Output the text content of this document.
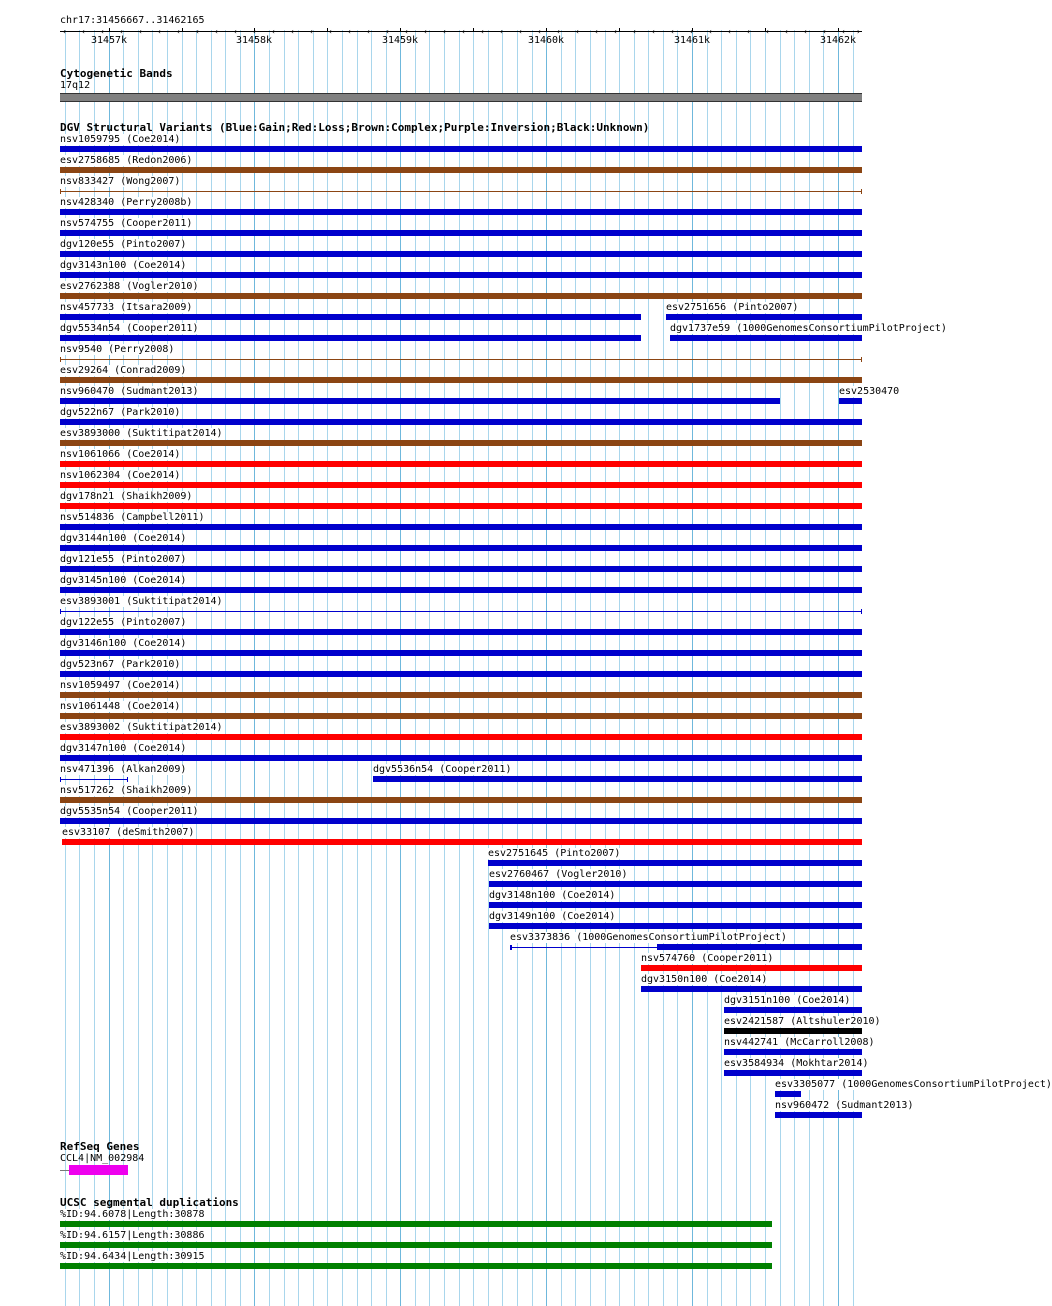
chr17:31456667..31462165
31457k	31458k	31459k	31460k	31461k	31462k
‹ ‹ ‹ ‹ ‹ ‹ ‹ ‹ ‹ ‹ ‹ ‹ ‹ ‹ ‹ ‹ ‹ ‹ ‹ ‹ ‹ ‹ ‹ ‹ ‹ ‹ ‹ ‹ ‹ ‹ ‹ ‹ ‹ ‹ ‹ ‹ ‹ ‹ ‹ ‹ ‹ ‹ ›
Cytogenetic Bands
17q12
DGV Structural Variants (Blue:Gain;Red:Loss;Brown:Complex;Purple:Inversion;Black:Unknown)
nsv1059795 (Coe2014)
esv2758685 (Redon2006)
nsv833427 (Wong2007)
nsv428340 (Perry2008b)
nsv574755 (Cooper2011)
dgv120e55 (Pinto2007)
dgv3143n100 (Coe2014)
esv2762388 (Vogler2010)
nsv457733 (Itsara2009)	esv2751656 (Pinto2007)
dgv5534n54 (Cooper2011)	dgv1737e59 (1000GenomesConsortiumPilotProject)
nsv9540 (Perry2008)
esv29264 (Conrad2009)
nsv960470 (Sudmant2013)	esv2530470
dgv522n67 (Park2010)
esv3893000 (Suktitipat2014)
nsv1061066 (Coe2014)
nsv1062304 (Coe2014)
dgv178n21 (Shaikh2009)
nsv514836 (Campbell2011)
dgv3144n100 (Coe2014)
dgv121e55 (Pinto2007)
dgv3145n100 (Coe2014)
esv3893001 (Suktitipat2014)
dgv122e55 (Pinto2007)
dgv3146n100 (Coe2014)
dgv523n67 (Park2010)
nsv1059497 (Coe2014)
nsv1061448 (Coe2014)
esv3893002 (Suktitipat2014)
dgv3147n100 (Coe2014)
nsv471396 (Alkan2009)	dgv5536n54 (Cooper2011)
nsv517262 (Shaikh2009)
dgv5535n54 (Cooper2011)
esv33107 (deSmith2007)
esv2751645 (Pinto2007)
esv2760467 (Vogler2010)
dgv3148n100 (Coe2014)
dgv3149n100 (Coe2014)
esv3373836 (1000GenomesConsortiumPilotProject)
nsv574760 (Cooper2011)
dgv3150n100 (Coe2014)
dgv3151n100 (Coe2014)
esv2421587 (Altshuler2010)
nsv442741 (McCarroll2008)
esv3584934 (Mokhtar2014)
esv3305077 (1000GenomesConsortiumPilotProject)
nsv960472 (Sudmant2013)
RefSeq Genes
CCL4|NM_002984
UCSC segmental duplications
%ID:94.6078|Length:30878
%ID:94.6157|Length:30886
%ID:94.6434|Length:30915
